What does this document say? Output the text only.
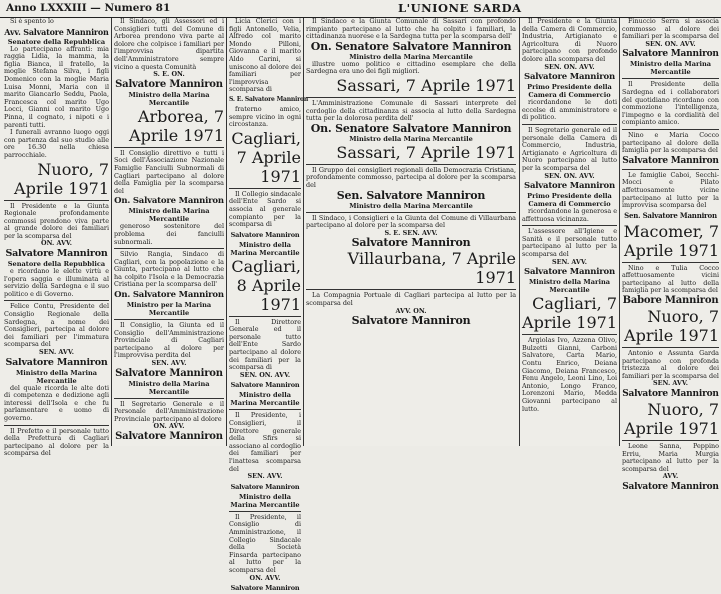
Anno LXXXIII — Numero 81	L'UNIONE SARDA

Si è spento lo

Avv. Salvatore Manniron

Senatore della Repubblica

Lo partecipano affranti: mia raggia Lidia, la mamma, la figlia Bianca, il fratello, la moglie Stefana Silva, i figli Domenico con la moglie Maria Luisa Monni, Maria con il marito Giancarlo Seddu, Paola, Francesca col marito Ugo Locci, Gianni col marito Ugo Pinna, il cognato, i nipoti e i parenti tutti.

I funerali avranno luogo oggi con partenza dal suo studio alle ore 16.30 nella chiesa parrocchiale.

Nuoro, 7 Aprile 1971

Il Presidente e la Giunta Regionale profondamente commossi prendono viva parte al grande dolore dei familiari per la scomparsa del

ON. AVV.

Salvatore Manniron

Senatore della Repubblica

e ricordano le elette virtù e l'opera saggia e illuminata al servizio della Sardegna e il suo politico e di Governo.

Felice Contu, Presidente del Consiglio Regionale della Sardegna, a nome dei Consiglieri, partecipa al dolore dei familiari per l'immatura scomparsa del

SEN. AVV.

Salvatore Manniron

Ministro della Marina Mercantile

del quale ricorda le alte doti di competenza e dedizione agli interessi dell'Isola e che fu parlamentare e uomo di governo.

Il Prefetto e il personale tutto della Prefettura di Cagliari partecipano al dolore per la scomparsa del

Il Sindaco, gli Assessori ed i Consiglieri tutti del Comune di Arborea prendono viva parte al dolore che colpisce i familiari per l'improvvisa dipartita dell'Amministratore sempre vicino a questa Comunità

S. E. ON.

Salvatore Manniron

Ministro della Marina Mercantile

Arborea, 7 Aprile 1971

Il Consiglio direttivo e tutti i Soci dell'Associazione Nazionale Famiglie Fanciulli Subnormali di Cagliari partecipano al dolore della Famiglia per la scomparsa del

On. Salvatore Manniron

Ministro della Marina Mercantile

generoso sostenitore del problema dei fanciulli subnormali.

Silvio Rangia, Sindaco di Cagliari, con la popolazione e la Giunta, partecipano al lutto che ha colpito l'Isola e la Democrazia Cristiana per la scomparsa dell'

On. Salvatore Manniron

Ministro per la Marina Mercantile

Il Consiglio, la Giunta ed il Consiglio dell'Amministrazione Provinciale di Cagliari partecipano al dolore per l'improvvisa perdita del

SEN. AVV.

Salvatore Manniron

Ministro della Marina Mercantile

Il Segretario Generale e il Personale dell'Amministrazione Provinciale partecipano al dolore

ON. AVV.

Salvatore Manniron

Licia Clerici con i figli Antonello, Velia, Alfredo col marito Mondo Pilloni, Giovanna e il marito Aldo Carini, si uniscono al dolore dei familiari per l'improvvisa scomparsa di

S. E. Salvatore Manniron

fraterno amico, sempre vicino in ogni circostanza.

Cagliari, 7 Aprile 1971

Il Collegio sindacale dell'Ente Sardo si associa al generale compianto per la scomparsa di

Salvatore Manniron

Ministro della Marina Mercantile

Cagliari, 8 Aprile 1971

Il Direttore Generale ed il personale tutto dell'Ente Sardo partecipano al dolore dei familiari per la scomparsa di

SEN. ON. AVV.

Salvatore Manniron

Ministro della Marina Mercantile

Il Presidente, i Consiglieri, il Direttore generale della Sfirs si associano al cordoglio dei familiari per l'inattesa scomparsa del

SEN. AVV.

Salvatore Manniron

Ministro della Marina Mercantile

Il Presidente, il Consiglio di Amministrazione, il Collegio Sindacale della Società Finsarda partecipano al lutto per la scomparsa del

ON. AVV.

Salvatore Manniron

Il Sindaco e la Giunta Comunale di Sassari con profondo rimpianto partecipano al lutto che ha colpito i familiari, la cittadinanza nuorese e la Sardegna tutta per la scomparsa dell'

On. Senatore Salvatore Manniron

Ministro della Marina Mercantile

illustre uomo politico e cittadino esemplare che della Sardegna era uno dei figli migliori.

Sassari, 7 Aprile 1971

L'Amministrazione Comunale di Sassari interprete del cordoglio della cittadinanza si associa al lutto della Sardegna tutta per la dolorosa perdita dell'

On. Senatore Salvatore Manniron

Ministro della Marina Mercantile

Sassari, 7 Aprile 1971

Il Gruppo dei consiglieri regionali della Democrazia Cristiana, profondamente commosso, partecipa al dolore per la scomparsa del

Sen. Salvatore Manniron

Ministro della Marina Mercantile

Il Sindaco, i Consiglieri e la Giunta del Comune di Villaurbana partecipano al dolore per la scomparsa del

S. E. SEN. AVV.

Salvatore Manniron

Villaurbana, 7 Aprile 1971

La Compagnia Portuale di Cagliari partecipa al lutto per la scomparsa del

AVV. ON.

Salvatore Manniron

Il Presidente e la Giunta della Camera di Commercio, Industria, Artigianato e Agricoltura di Nuoro partecipano con profondo dolore alla scomparsa del

SEN. ON. AVV.

Salvatore Manniron

Primo Presidente della Camera di Commercio

ricordandone le doti eccelse di amministratore e di politico.

Il Segretario generale ed il personale della Camera di Commercio, Industria, Artigianato e Agricoltura di Nuoro partecipano al lutto per la scomparsa del

SEN. ON. AVV.

Salvatore Manniron

Primo Presidente della Camera di Commercio

ricordandone la generosa e affettuosa vicinanza.

L'assessore all'Igiene e Sanità e il personale tutto partecipano al lutto per la scomparsa del

SEN. AVV.

Salvatore Manniron

Ministro della Marina Mercantile

Cagliari, 7 Aprile 1971

Argiolas Ivo, Azzena Olivo, Bulzetti Gianni, Carboni Salvatore, Carta Mario, Contu Enrico, Deiana Giacomo, Deiana Francesco, Fenu Angelo, Leoni Lino, Loi Antonio, Longo Franco, Lorenzoni Mario, Medda Giovanni partecipano al lutto.

Finuccio Serra si associa commosso al dolore dei familiari per la scomparsa del

SEN. ON. AVV.

Salvatore Manniron

Ministro della Marina Mercantile

Il Presidente della Sardegna ed i collaboratori del quotidiano ricordano con commozione l'intelligenza, l'impegno e la cordialità del compianto amico.

Nino e Maria Cocco partecipano al dolore della famiglia per la scomparsa del

Salvatore Manniron

Le famiglie Caboi, Secchi-Mocci e Pilato affettuosamente vicine partecipano al lutto per la improvvisa scomparsa del

Sen. Salvatore Manniron

Macomer, 7 Aprile 1971

Nino e Tulia Cocco affettuosamente vicini partecipano al lutto della famiglia per la scomparsa del

Babore Manniron

Nuoro, 7 Aprile 1971

Antonio e Assunta Garda partecipano con profonda tristezza al dolore dei familiari per la scomparsa del

SEN. AVV.

Salvatore Manniron

Nuoro, 7 Aprile 1971

Leone Sanna, Peppino Erriu, Maria Murgia partecipano al lutto per la scomparsa del

AVV.

Salvatore Manniron
